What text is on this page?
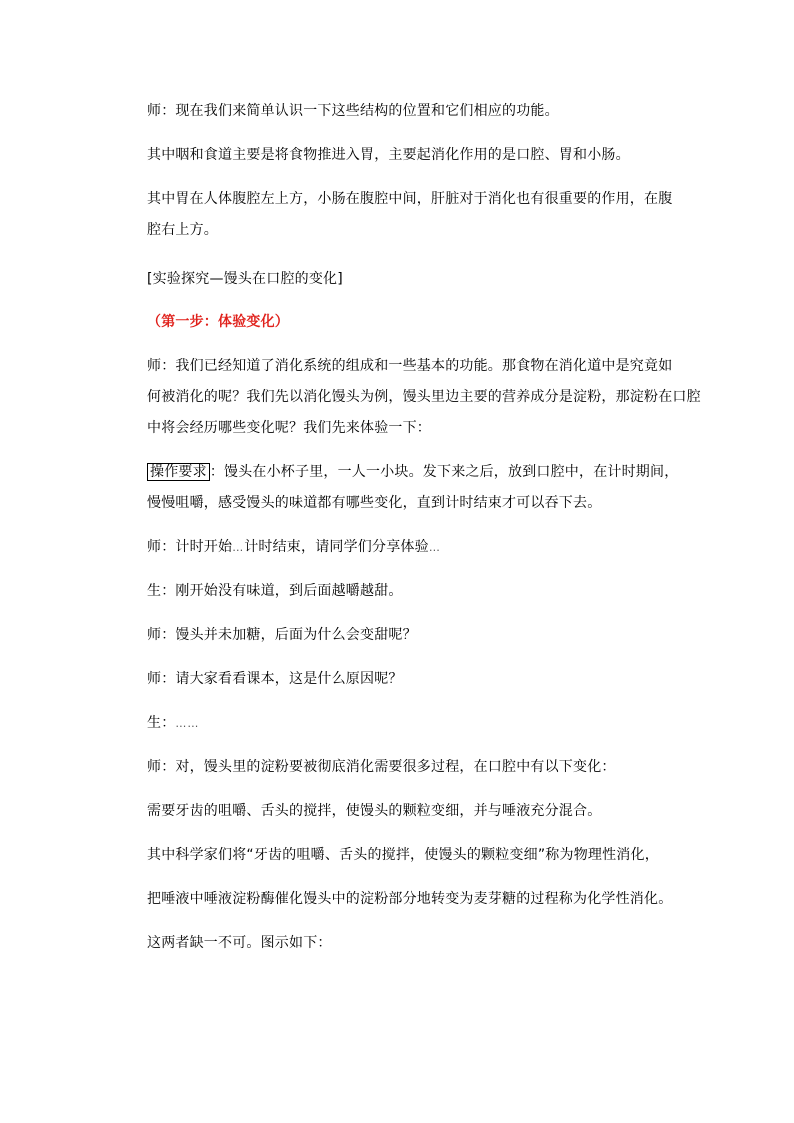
师：现在我们来简单认识一下这些结构的位置和它们相应的功能。

其中咽和食道主要是将食物推进入胃，主要起消化作用的是口腔、胃和小肠。

其中胃在人体腹腔左上方，小肠在腹腔中间，肝脏对于消化也有很重要的作用，在腹

腔右上方。

[实验探究—馒头在口腔的变化]

（第一步：体验变化）

师：我们已经知道了消化系统的组成和一些基本的功能。那食物在消化道中是究竟如

何被消化的呢？我们先以消化馒头为例，馒头里边主要的营养成分是淀粉，那淀粉在口腔

中将会经历哪些变化呢？我们先来体验一下：

操作要求 ：馒头在小杯子里，一人一小块。发下来之后，放到口腔中，在计时期间，

慢慢咀嚼，感受馒头的味道都有哪些变化，直到计时结束才可以吞下去。

师：计时开始…计时结束，请同学们分享体验…

生：刚开始没有味道，到后面越嚼越甜。

师：馒头并未加糖，后面为什么会变甜呢？

师：请大家看看课本，这是什么原因呢？

生：……

师：对，馒头里的淀粉要被彻底消化需要很多过程，在口腔中有以下变化：

需要牙齿的咀嚼、舌头的搅拌，使馒头的颗粒变细，并与唾液充分混合。

其中科学家们将“牙齿的咀嚼、舌头的搅拌，使馒头的颗粒变细”称为物理性消化，

把唾液中唾液淀粉酶催化馒头中的淀粉部分地转变为麦芽糖的过程称为化学性消化。

这两者缺一不可。图示如下：
